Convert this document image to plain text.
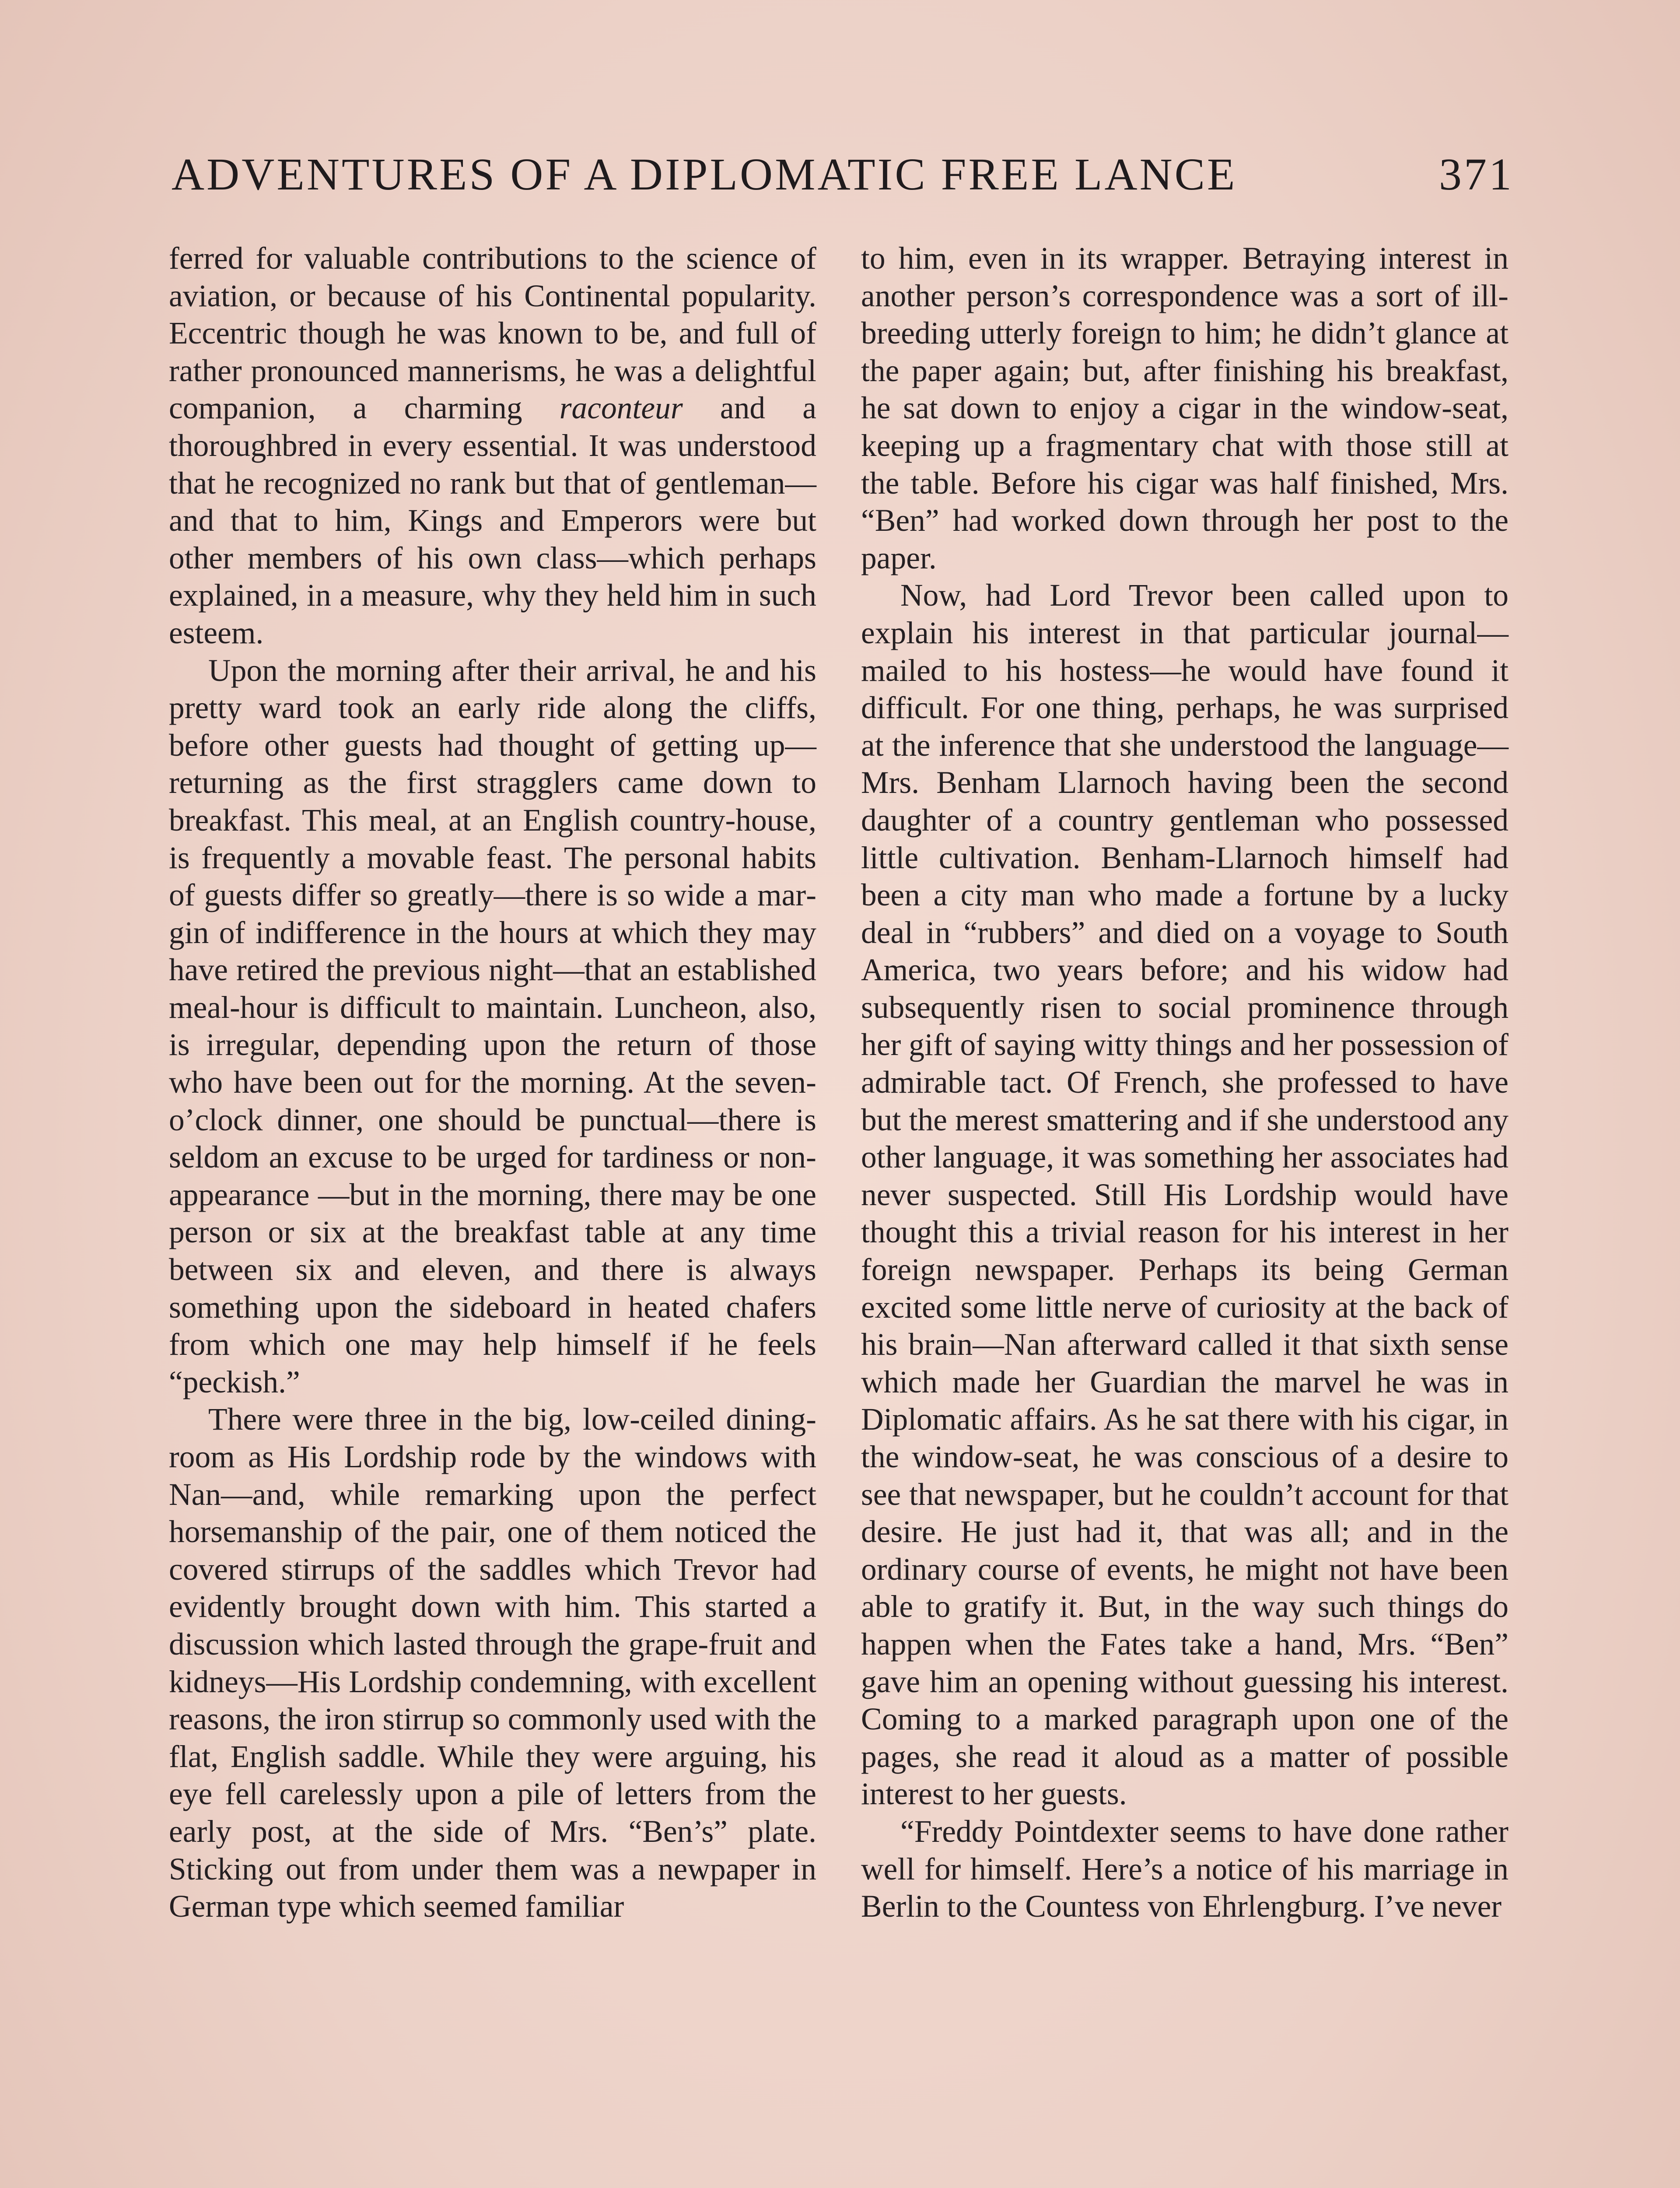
ADVENTURES OF A DIPLOMATIC FREE LANCE	371

ferred for valuable contributions to the science of aviation, or because of his Continental popularity. Eccentric though he was known to be, and full of rather pronounced mannerisms, he was a delightful companion, a charming raconteur and a thoroughbred in every essential. It was understood that he recognized no rank but that of gentleman—and that to him, Kings and Emperors were but other members of his own class—which perhaps explained, in a measure, why they held him in such esteem.

Upon the morning after their arrival, he and his pretty ward took an early ride along the cliffs, before other guests had thought of getting up—returning as the first stragglers came down to breakfast. This meal, at an English country-house, is frequently a movable feast. The personal habits of guests differ so greatly—there is so wide a margin of indifference in the hours at which they may have retired the previous night—that an established meal-hour is difficult to maintain. Luncheon, also, is irregular, depending upon the return of those who have been out for the morning. At the seven-o’clock dinner, one should be punctual—there is seldom an excuse to be urged for tardiness or non-appearance —but in the morning, there may be one person or six at the breakfast table at any time between six and eleven, and there is always something upon the sideboard in heated chafers from which one may help himself if he feels “peckish.”

There were three in the big, low-ceiled dining-room as His Lordship rode by the windows with Nan—and, while remarking upon the perfect horsemanship of the pair, one of them noticed the covered stirrups of the saddles which Trevor had evidently brought down with him. This started a discussion which lasted through the grape-fruit and kidneys—His Lordship condemning, with excellent reasons, the iron stirrup so commonly used with the flat, English saddle. While they were arguing, his eye fell carelessly upon a pile of letters from the early post, at the side of Mrs. “Ben’s” plate. Sticking out from under them was a newpaper in German type which seemed familiar

to him, even in its wrapper. Betraying interest in another person’s correspondence was a sort of ill-breeding utterly foreign to him; he didn’t glance at the paper again; but, after finishing his breakfast, he sat down to enjoy a cigar in the window-seat, keeping up a fragmentary chat with those still at the table. Before his cigar was half finished, Mrs. “Ben” had worked down through her post to the paper.

Now, had Lord Trevor been called upon to explain his interest in that particular journal—mailed to his hostess—he would have found it difficult. For one thing, perhaps, he was surprised at the inference that she understood the language—Mrs. Benham Llarnoch having been the second daughter of a country gentleman who possessed little cultivation. Benham-Llarnoch himself had been a city man who made a fortune by a lucky deal in “rubbers” and died on a voyage to South America, two years before; and his widow had subsequently risen to social prominence through her gift of saying witty things and her possession of admirable tact. Of French, she professed to have but the merest smattering and if she understood any other language, it was something her associates had never suspected. Still His Lordship would have thought this a trivial reason for his interest in her foreign newspaper. Perhaps its being German excited some little nerve of curiosity at the back of his brain—Nan afterward called it that sixth sense which made her Guardian the marvel he was in Diplomatic affairs. As he sat there with his cigar, in the window-seat, he was conscious of a desire to see that newspaper, but he couldn’t account for that desire. He just had it, that was all; and in the ordinary course of events, he might not have been able to gratify it. But, in the way such things do happen when the Fates take a hand, Mrs. “Ben” gave him an opening without guessing his interest. Coming to a marked paragraph upon one of the pages, she read it aloud as a matter of possible interest to her guests.

“Freddy Pointdexter seems to have done rather well for himself. Here’s a notice of his marriage in Berlin to the Countess von Ehrlengburg. I’ve never
